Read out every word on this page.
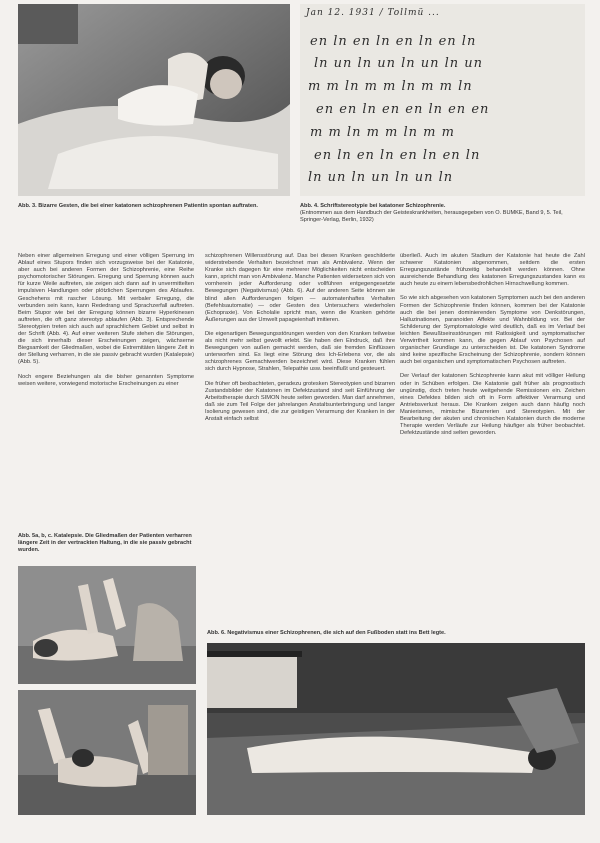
Jan 12. 1931 / Tollmü ...
en ln en ln en ln en ln
ln un ln un ln un ln un
m m ln m m ln m m ln
en en ln en en ln en en
m m ln m m ln m m
en ln en ln en ln en ln
ln un ln un ln un ln
Abb. 3. Bizarre Gesten, die bei einer katatonen schizophrenen Patientin spontan auftraten.	Abb. 4. Schriftstereotypie bei katatoner Schizophrenie.
(Entnommen aus dem Handbuch der Geisteskrankheiten, herausgegeben von O. BUMKE, Band 9, 5. Teil, Springer-Verlag, Berlin, 1932)

Neben einer allgemeinen Erregung und einer völligen Sperrung im Ablauf eines Stupors finden sich vorzugsweise bei der Katatonie, aber auch bei anderen Formen der Schizophrenie, eine Reihe psychomotorischer Störungen. Erregung und Sperrung können auch für kurze Weile auftreten, sie zeigen sich dann auf in unvermittelten impulsiven Handlungen oder plötzlichen Sperrungen des Ablaufes. Geschehens mit rascher Lösung. Mit verbaler Erregung, die verbunden sein kann, kann Rededrang und Sprachzerfall auftreten. Beim Stupor wie bei der Erregung können bizarre Hyperkinesen auftreten, die oft ganz stereotyp ablaufen (Abb. 3). Entsprechende Stereotypien treten sich auch auf sprachlichem Gebiet und selbst in der Schrift (Abb. 4). Auf einer weiteren Stufe stehen die Störungen, die sich innerhalb dieser Erscheinungen zeigen, wächserne Biegsamkeit der Gliedmaßen, wobei die Extremitäten längere Zeit in der Stellung verharren, in die sie passiv gebracht wurden (Katalepsie) (Abb. 5).

Noch engere Beziehungen als die bisher genannten Symptome weisen weitere, vorwiegend motorische Erscheinungen zu einer

Abb. 5a, b, c. Katalepsie. Die Gliedmaßen der Patienten verharren längere Zeit in der vertrackten Haltung, in die sie passiv gebracht wurden.

schizophrenen Willensstörung auf. Das bei diesen Kranken geschilderte widerstrebende Verhalten bezeichnet man als Ambivalenz. Wenn der Kranke sich dagegen für eine mehrerer Möglichkeiten nicht entscheiden kann, spricht man von Ambivalenz. Manche Patienten widersetzen sich von vornherein jeder Aufforderung oder vollführen entgegengesetzte Bewegungen (Negativismus) (Abb. 6). Auf der anderen Seite können sie blind allen Aufforderungen folgen — automatenhaftes Verhalten (Befehlsautomatie) — oder Gesten des Untersuchers wiederholen (Echopraxie). Von Echolalie spricht man, wenn die Kranken gehörte Äußerungen aus der Umwelt papageienhaft imitieren.

Die eigenartigen Bewegungsstörungen werden von den Kranken teilweise als nicht mehr selbst gewollt erlebt. Sie haben den Eindruck, daß ihre Bewegungen von außen gemacht werden, daß sie fremden Einflüssen unterworfen sind. Es liegt eine Störung des Ich-Erlebens vor, die als schizophrenes Gemachtwerden bezeichnet wird. Diese Kranken fühlen sich durch Hypnose, Strahlen, Telepathie usw. beeinflußt und gesteuert.

Die früher oft beobachteten, geradezu grotesken Stereotypien und bizarren Zustandsbilder der Katatonen im Defektzustand sind seit Einführung der Arbeitstherapie durch SIMON heute selten geworden. Man darf annehmen, daß sie zum Teil Folge der jahrelangen Anstaltsunterbringung und langer Isolierung gewesen sind, die zur geistigen Verarmung der Kranken in der Anstalt einfach selbst

überließ. Auch im akuten Stadium der Katatonie hat heute die Zahl schwerer Katatonien abgenommen, seitdem die ersten Erregungszustände frühzeitig behandelt werden können. Ohne ausreichende Behandlung des katatonen Erregungszustandes kann es auch heute zu einem lebensbedrohlichen Hirnschwellung kommen.

So wie sich abgesehen von katatonen Symptomen auch bei den anderen Formen der Schizophrenie finden können, kommen bei der Katatonie auch die bei jenen dominierenden Symptome von Denkstörungen, Halluzinationen, paranoiden Affekte und Wahnbildung vor. Bei der Schilderung der Symptomatologie wird deutlich, daß es im Verlauf bei leichten Bewußtseinsstörungen mit Ratlosigkeit und symptomatischer Verwirrtheit kommen kann, die gegen Ablauf von Psychosen auf organischer Grundlage zu unterscheiden ist. Die katatonen Syndrome sind keine spezifische Erscheinung der Schizophrenie, sondern können auch bei organischen und symptomatischen Psychosen auftreten.

Der Verlauf der katatonen Schizophrenie kann akut mit völliger Heilung oder in Schüben erfolgen. Die Katatonie galt früher als prognostisch ungünstig, doch treten heute weitgehende Remissionen ein. Zeichen eines Defektes bilden sich oft in Form affektiver Verarmung und Antriebsverlust heraus. Die Kranken zeigen auch dann häufig noch Manierismen, mimische Bizarrerien und Stereotypien. Mit der Bearbeitung der akuten und chronischen Katatonien durch die moderne Therapie werden Verläufe zur Heilung häufiger als früher beobachtet. Defektzustände sind selten geworden.

Abb. 6. Negativismus einer Schizophrenen, die sich auf den Fußboden statt ins Bett legte.
